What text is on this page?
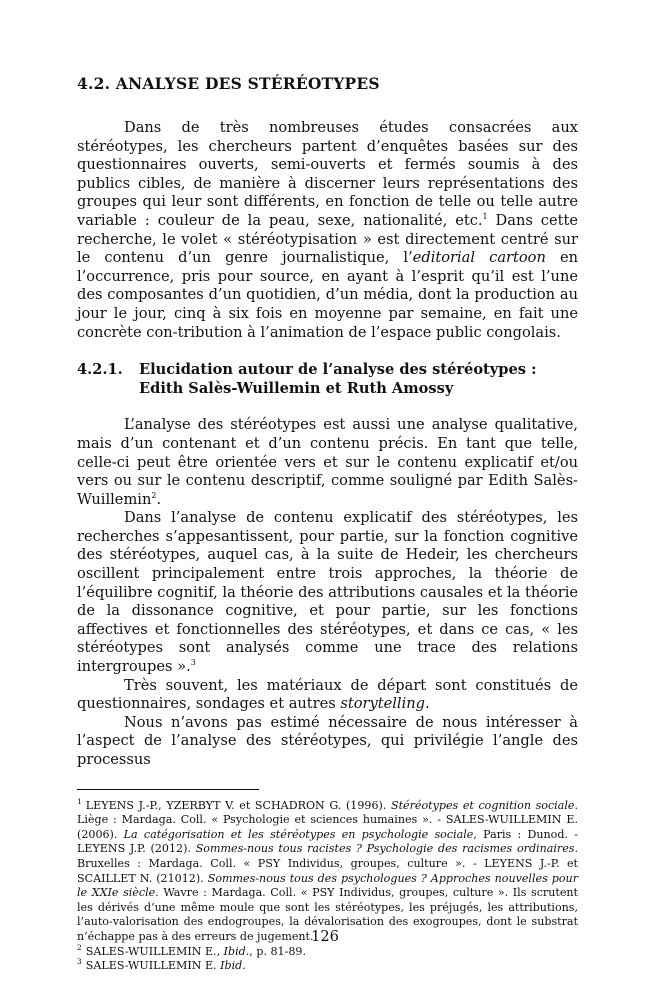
4.2. ANALYSE DES STÉRÉOTYPES

Dans de très nombreuses études consacrées aux stéréotypes, les chercheurs partent d’enquêtes basées sur des questionnaires ouverts, semi-ouverts et fermés soumis à des publics cibles, de manière à discerner leurs représentations des groupes qui leur sont différents, en fonction de telle ou telle autre variable : couleur de la peau, sexe, nationalité, etc.$^1$ Dans cette recherche, le volet « stéréotypisation » est directement centré sur le contenu d’un genre journalistique, l’editorial cartoon en l’occurrence, pris pour source, en ayant à l’esprit qu’il est l’une des composantes d’un quotidien, d’un média, dont la production au jour le jour, cinq à six fois en moyenne par semaine, en fait une concrète con-tribution à l’animation de l’espace public congolais.

4.2.1.	Elucidation autour de l’analyse des stéréotypes : Edith Salès-Wuillemin et Ruth Amossy

L’analyse des stéréotypes est aussi une analyse qualitative, mais d’un contenant et d’un contenu précis. En tant que telle, celle-ci peut être orientée vers et sur le contenu explicatif et/ou vers ou sur le contenu descriptif, comme souligné par Edith Salès-Wuillemin$^2$.

Dans l’analyse de contenu explicatif des stéréotypes, les recherches s’appesantissent, pour partie, sur la fonction cognitive des stéréotypes, auquel cas, à la suite de Hedeir, les chercheurs oscillent principalement entre trois approches, la théorie de l’équilibre cognitif, la théorie des attributions causales et la théorie de la dissonance cognitive, et pour partie, sur les fonctions affectives et fonctionnelles des stéréotypes, et dans ce cas, « les stéréotypes sont analysés comme une trace des relations intergroupes ».$^3$

Très souvent, les matériaux de départ sont constitués de questionnaires, sondages et autres storytelling.

Nous n’avons pas estimé nécessaire de nous intéresser à l’aspect de l’analyse des stéréotypes, qui privilégie l’angle des processus

$^1$ LEYENS J.-P., YZERBYT V. et SCHADRON G. (1996). Stéréotypes et cognition sociale. Liège : Mardaga. Coll. « Psychologie et sciences humaines ». - SALES-WUILLEMIN E. (2006). La catégorisation et les stéréotypes en psychologie sociale, Paris : Dunod. - LEYENS J.P. (2012). Sommes-nous tous racistes ? Psychologie des racismes ordinaires. Bruxelles : Mardaga. Coll. « PSY Individus, groupes, culture ». - LEYENS J.-P. et SCAILLET N. (21012). Sommes-nous tous des psychologues ? Approches nouvelles pour le XXIe siècle. Wavre : Mardaga. Coll. « PSY Individus, groupes, culture ». Ils scrutent les dérivés d’une même moule que sont les stéréotypes, les préjugés, les attributions, l’auto-valorisation des endogroupes, la dévalorisation des exogroupes, dont le substrat n’échappe pas à des erreurs de jugement.

$^2$ SALES-WUILLEMIN E., Ibid., p. 81-89.

$^3$ SALES-WUILLEMIN E. Ibid.

126
